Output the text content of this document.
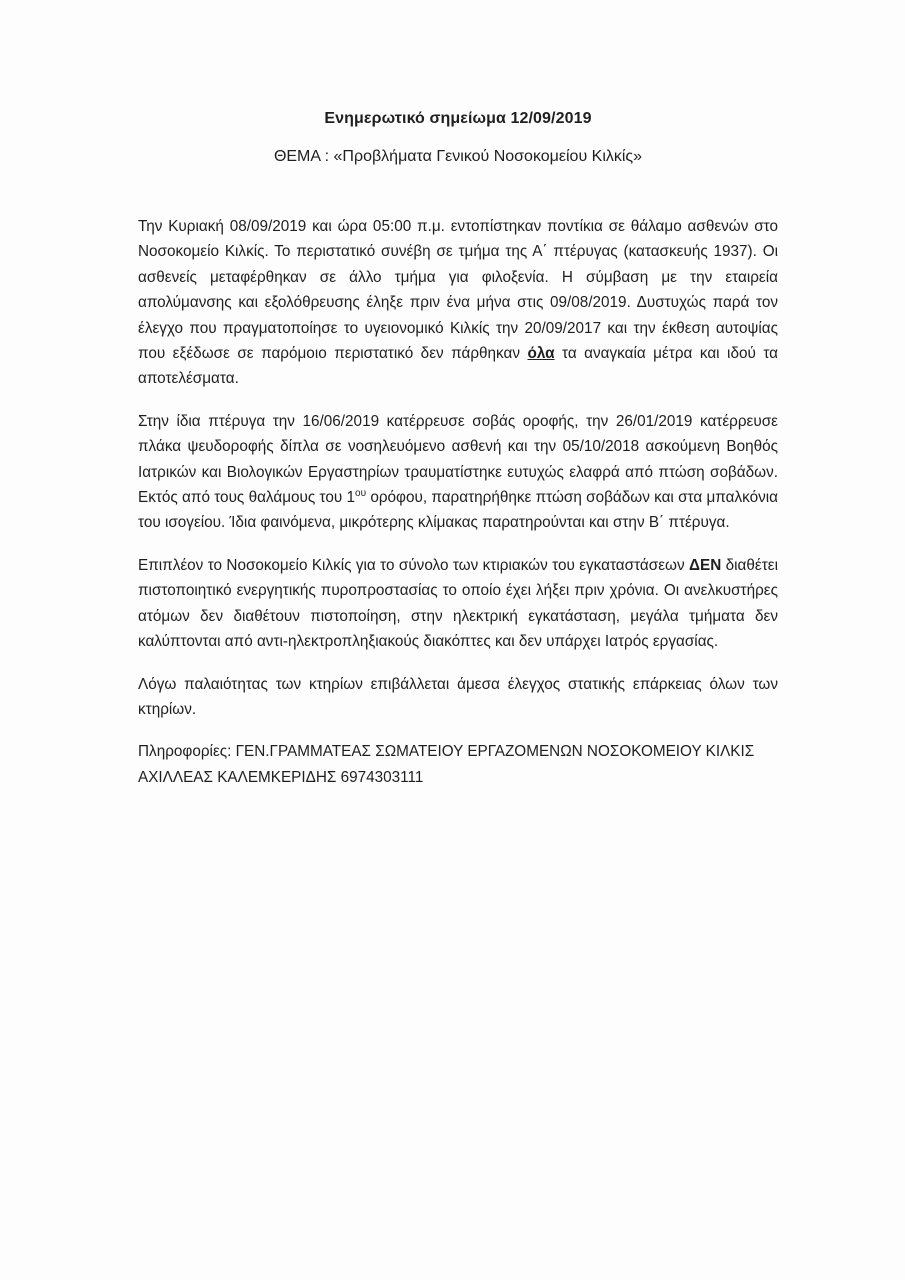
Ενημερωτικό σημείωμα 12/09/2019
ΘΕΜΑ : «Προβλήματα Γενικού Νοσοκομείου Κιλκίς»

Την Κυριακή 08/09/2019 και ώρα 05:00 π.μ. εντοπίστηκαν ποντίκια σε θάλαμο ασθενών στο Νοσοκομείο Κιλκίς. Το περιστατικό συνέβη σε τμήμα της Α΄ πτέρυγας (κατασκευής 1937). Οι ασθενείς μεταφέρθηκαν σε άλλο τμήμα για φιλοξενία. Η σύμβαση με την εταιρεία απολύμανσης και εξολόθρευσης έληξε πριν ένα μήνα στις 09/08/2019. Δυστυχώς παρά τον έλεγχο που πραγματοποίησε το υγειονομικό Κιλκίς την 20/09/2017 και την έκθεση αυτοψίας που εξέδωσε σε παρόμοιο περιστατικό δεν πάρθηκαν όλα τα αναγκαία μέτρα και ιδού τα αποτελέσματα.

Στην ίδια πτέρυγα την 16/06/2019 κατέρρευσε σοβάς οροφής, την 26/01/2019 κατέρρευσε πλάκα ψευδοροφής δίπλα σε νοσηλευόμενο ασθενή και την 05/10/2018 ασκούμενη Βοηθός Ιατρικών και Βιολογικών Εργαστηρίων τραυματίστηκε ευτυχώς ελαφρά από πτώση σοβάδων. Εκτός από τους θαλάμους του $1^{o\upsilon}$ ορόφου, παρατηρήθηκε πτώση σοβάδων και στα μπαλκόνια του ισογείου. Ίδια φαινόμενα, μικρότερης κλίμακας παρατηρούνται και στην Β΄ πτέρυγα.

Επιπλέον το Νοσοκομείο Κιλκίς για το σύνολο των κτιριακών του εγκαταστάσεων ΔΕΝ διαθέτει πιστοποιητικό ενεργητικής πυροπροστασίας το οποίο έχει λήξει πριν χρόνια. Οι ανελκυστήρες ατόμων δεν διαθέτουν πιστοποίηση, στην ηλεκτρική εγκατάσταση, μεγάλα τμήματα δεν καλύπτονται από αντι-ηλεκτροπληξιακούς διακόπτες και δεν υπάρχει Ιατρός εργασίας.

Λόγω παλαιότητας των κτηρίων επιβάλλεται άμεσα έλεγχος στατικής επάρκειας όλων των κτηρίων.

Πληροφορίες: ΓΕΝ.ΓΡΑΜΜΑΤΕΑΣ ΣΩΜΑΤΕΙΟΥ ΕΡΓΑΖΟΜΕΝΩΝ ΝΟΣΟΚΟΜΕΙΟΥ ΚΙΛΚΙΣ

ΑΧΙΛΛΕΑΣ ΚΑΛΕΜΚΕΡΙΔΗΣ 6974303111
